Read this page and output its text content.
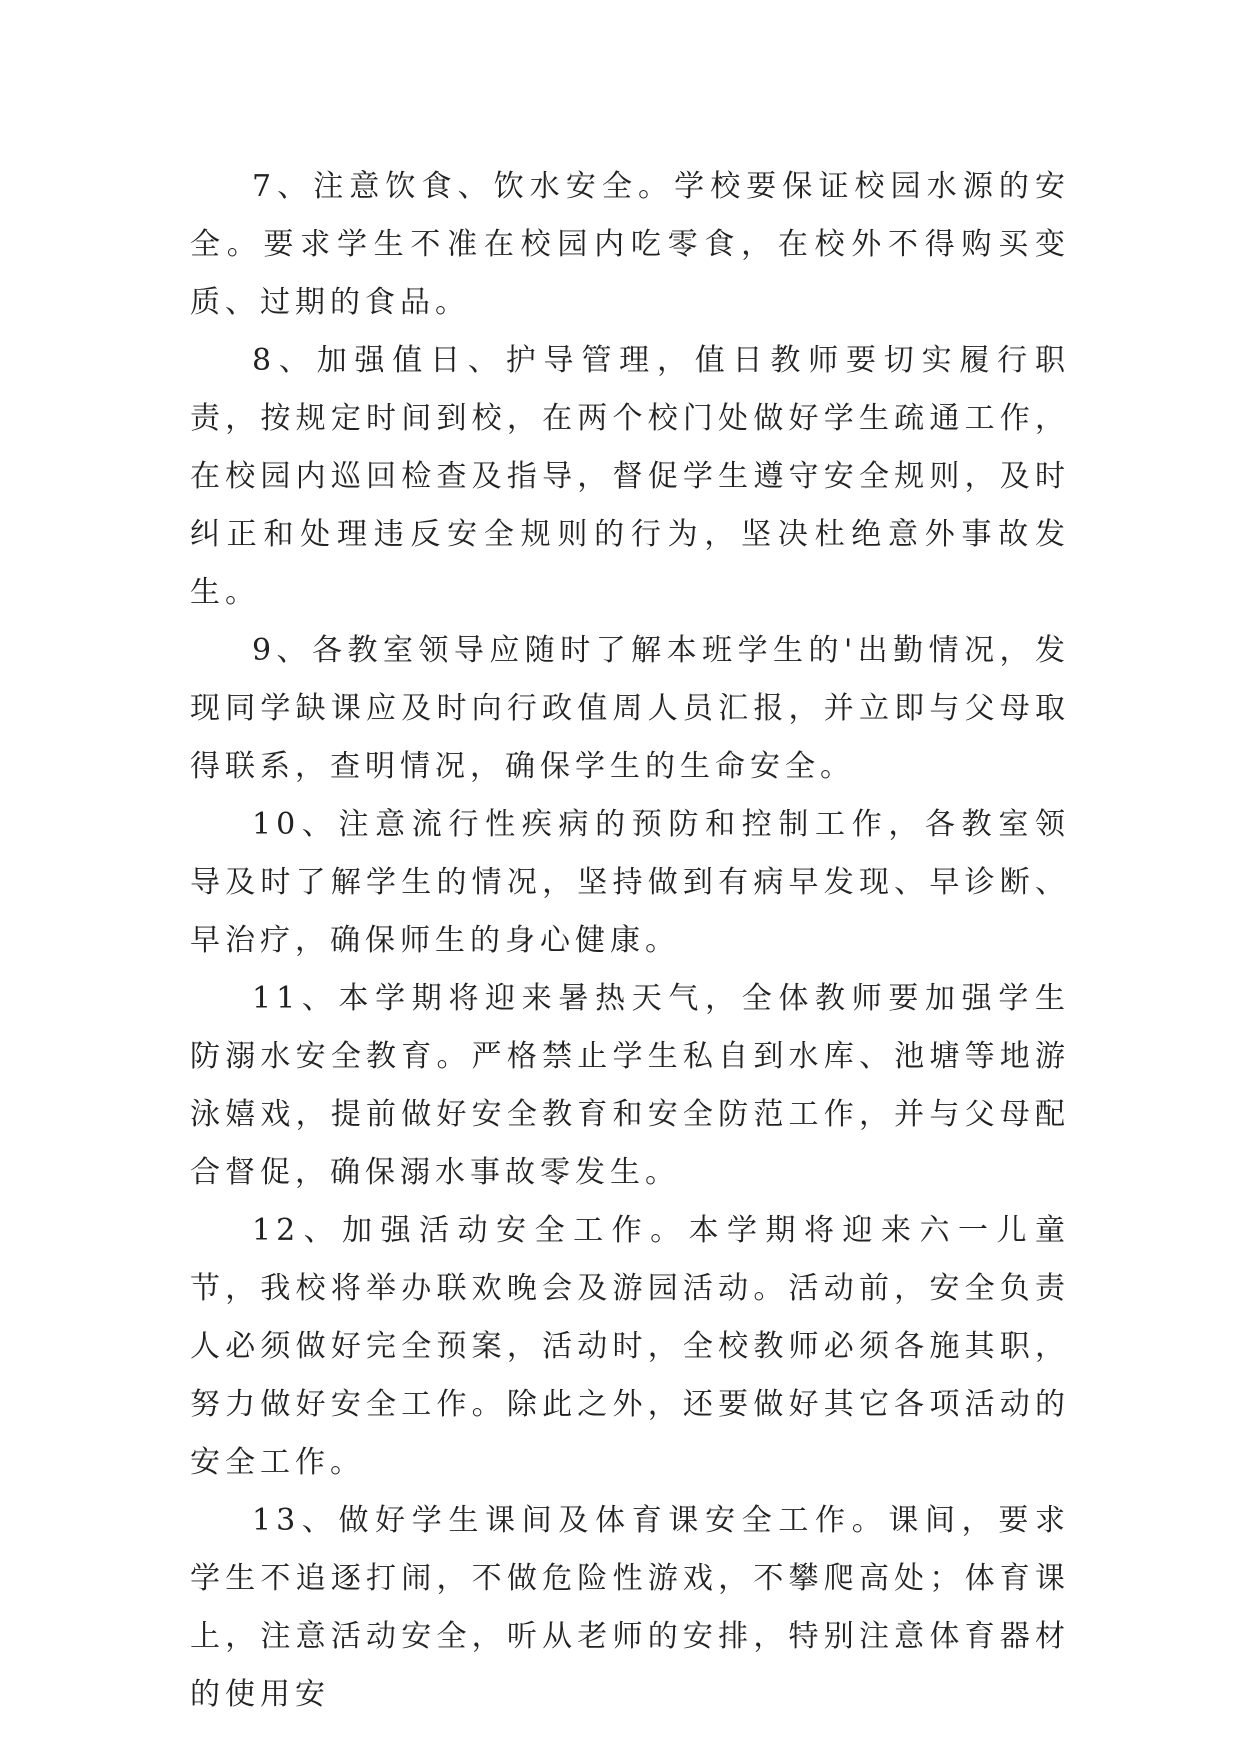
7、注意饮食、饮水安全。学校要保证校园水源的安全。要求学生不准在校园内吃零食，在校外不得购买变质、过期的食品。

8、加强值日、护导管理，值日教师要切实履行职责，按规定时间到校，在两个校门处做好学生疏通工作，在校园内巡回检查及指导，督促学生遵守安全规则，及时纠正和处理违反安全规则的行为，坚决杜绝意外事故发生。

9、各教室领导应随时了解本班学生的'出勤情况，发现同学缺课应及时向行政值周人员汇报，并立即与父母取得联系，查明情况，确保学生的生命安全。

10、注意流行性疾病的预防和控制工作，各教室领导及时了解学生的情况，坚持做到有病早发现、早诊断、早治疗，确保师生的身心健康。

11、本学期将迎来暑热天气，全体教师要加强学生防溺水安全教育。严格禁止学生私自到水库、池塘等地游泳嬉戏，提前做好安全教育和安全防范工作，并与父母配合督促，确保溺水事故零发生。

12、加强活动安全工作。本学期将迎来六一儿童节，我校将举办联欢晚会及游园活动。活动前，安全负责人必须做好完全预案，活动时，全校教师必须各施其职，努力做好安全工作。除此之外，还要做好其它各项活动的安全工作。

13、做好学生课间及体育课安全工作。课间，要求学生不追逐打闹，不做危险性游戏，不攀爬高处；体育课上，注意活动安全，听从老师的安排，特别注意体育器材的使用安
